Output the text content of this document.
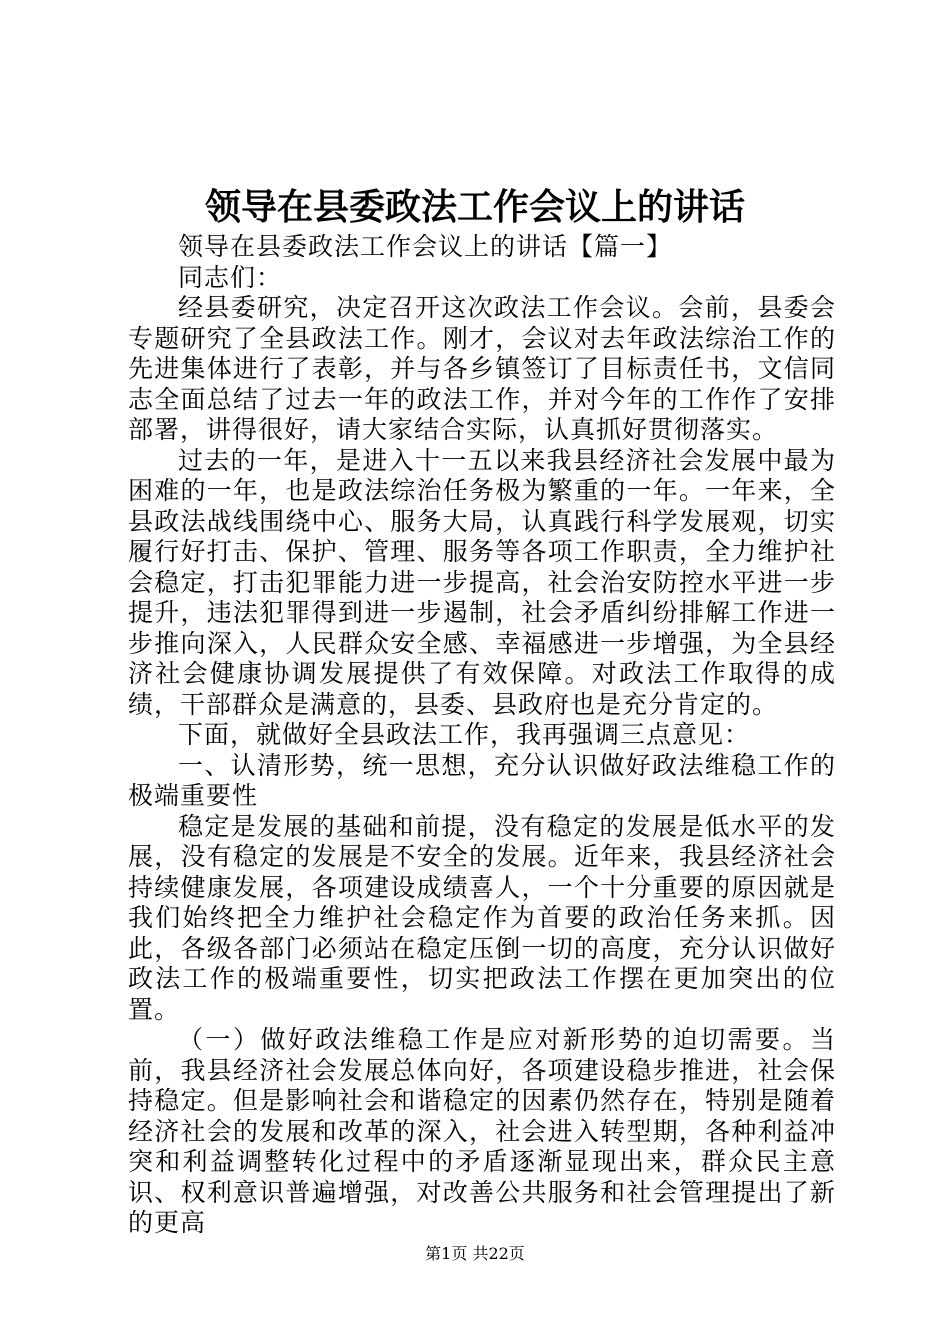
领导在县委政法工作会议上的讲话

领导在县委政法工作会议上的讲话【篇一】

同志们：

经县委研究，决定召开这次政法工作会议。会前，县委会专题研究了全县政法工作。刚才，会议对去年政法综治工作的先进集体进行了表彰，并与各乡镇签订了目标责任书，文信同志全面总结了过去一年的政法工作，并对今年的工作作了安排部署，讲得很好，请大家结合实际，认真抓好贯彻落实。

过去的一年，是进入十一五以来我县经济社会发展中最为困难的一年，也是政法综治任务极为繁重的一年。一年来，全县政法战线围绕中心、服务大局，认真践行科学发展观，切实履行好打击、保护、管理、服务等各项工作职责，全力维护社会稳定，打击犯罪能力进一步提高，社会治安防控水平进一步提升，违法犯罪得到进一步遏制，社会矛盾纠纷排解工作进一步推向深入，人民群众安全感、幸福感进一步增强，为全县经济社会健康协调发展提供了有效保障。对政法工作取得的成绩，干部群众是满意的，县委、县政府也是充分肯定的。

下面，就做好全县政法工作，我再强调三点意见：

一、认清形势，统一思想，充分认识做好政法维稳工作的极端重要性

稳定是发展的基础和前提，没有稳定的发展是低水平的发展，没有稳定的发展是不安全的发展。近年来，我县经济社会持续健康发展，各项建设成绩喜人，一个十分重要的原因就是我们始终把全力维护社会稳定作为首要的政治任务来抓。因此，各级各部门必须站在稳定压倒一切的高度，充分认识做好政法工作的极端重要性，切实把政法工作摆在更加突出的位置。

（一）做好政法维稳工作是应对新形势的迫切需要。当前，我县经济社会发展总体向好，各项建设稳步推进，社会保持稳定。但是影响社会和谐稳定的因素仍然存在，特别是随着经济社会的发展和改革的深入，社会进入转型期，各种利益冲突和利益调整转化过程中的矛盾逐渐显现出来，群众民主意识、权利意识普遍增强，对改善公共服务和社会管理提出了新的更高

第1页 共22页
